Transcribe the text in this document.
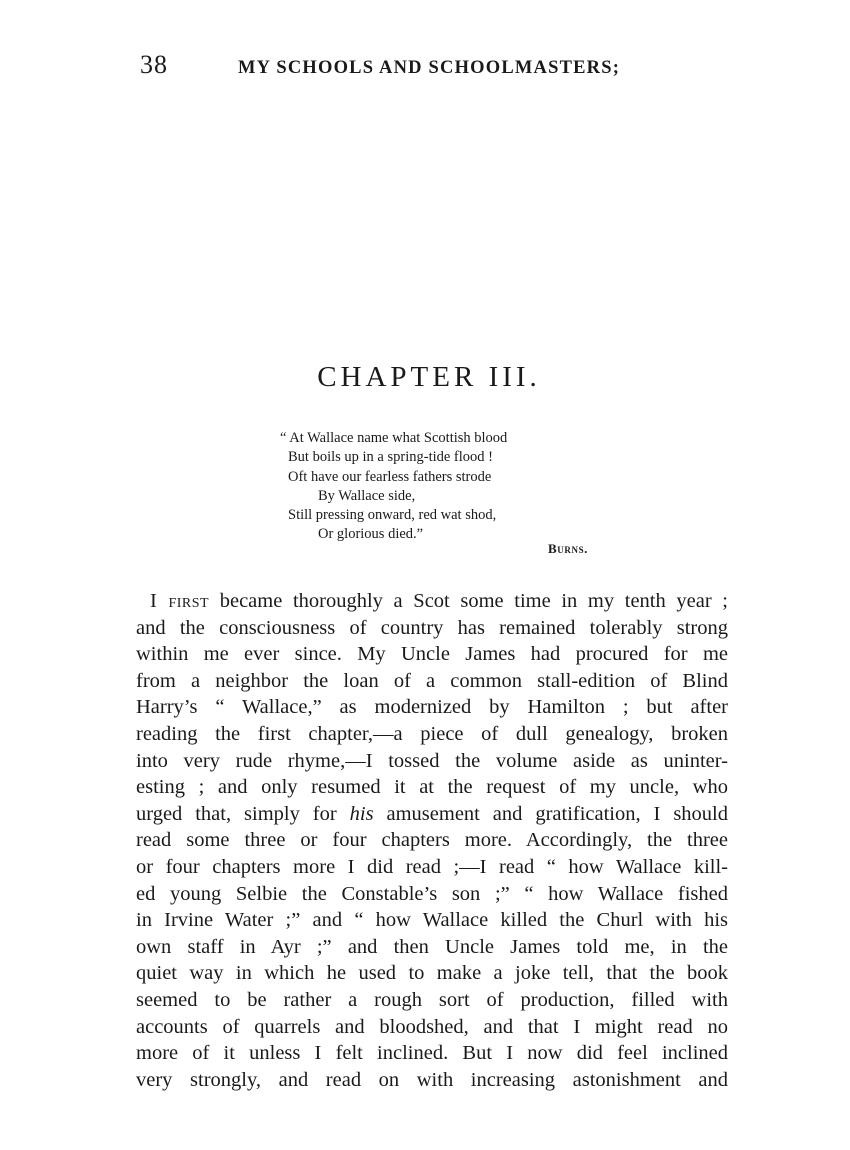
38	MY SCHOOLS AND SCHOOLMASTERS;
CHAPTER III.
“ At Wallace name what Scottish blood
But boils up in a spring-tide flood !
Oft have our fearless fathers strode
By Wallace side,
Still pressing onward, red wat shod,
Or glorious died.”
Burns.
I first became thoroughly a Scot some time in my tenth year ;
and the consciousness of country has remained tolerably strong
within me ever since. My Uncle James had procured for me
from a neighbor the loan of a common stall-edition of Blind
Harry’s “ Wallace,” as modernized by Hamilton ; but after
reading the first chapter,—a piece of dull genealogy, broken
into very rude rhyme,—I tossed the volume aside as uninter-
esting ; and only resumed it at the request of my uncle, who
urged that, simply for his amusement and gratification, I should
read some three or four chapters more. Accordingly, the three
or four chapters more I did read ;—I read “ how Wallace kill-
ed young Selbie the Constable’s son ;” “ how Wallace fished
in Irvine Water ;” and “ how Wallace killed the Churl with his
own staff in Ayr ;” and then Uncle James told me, in the
quiet way in which he used to make a joke tell, that the book
seemed to be rather a rough sort of production, filled with
accounts of quarrels and bloodshed, and that I might read no
more of it unless I felt inclined. But I now did feel inclined
very strongly, and read on with increasing astonishment and
